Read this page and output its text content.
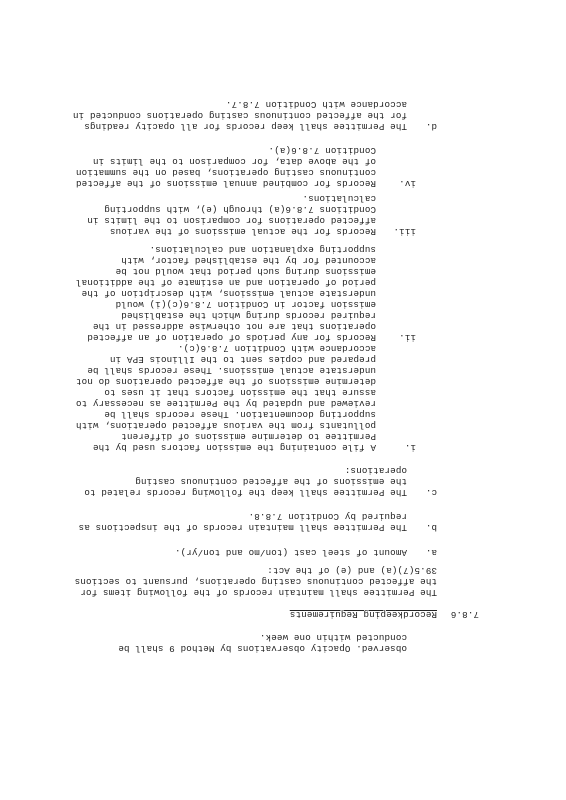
observed. Opacity observations by Method 9 shall be
conducted within one week.
7.8.6
Recordkeeping Requirements
The Permittee shall maintain records of the following items for
the affected continuous casting operations, pursuant to sections
39.5(7)(a) and (e) of the Act:
a.
Amount of steel cast (ton/mo and ton/yr).
b.
The Permittee shall maintain records of the inspections as
required by Condition 7.8.8.
c.
The Permittee shall keep the following records related to
the emissions of the affected continuous casting
operations:
i.
A file containing the emission factors used by the
Permittee to determine emissions of different
pollutants from the various affected operations, with
supporting documentation. These records shall be
reviewed and updated by the Permittee as necessary to
assure that the emission factors that it uses to
determine emissions of the affected operations do not
understate actual emissions. These records shall be
prepared and copies sent to the Illinois EPA in
accordance with Condition 7.8.6(c).
ii.
Records for any periods of operation of an affected
operations that are not otherwise addressed in the
required records during which the established
emission factor in Condition 7.8.6(c)(i) would
understate actual emissions, with description of the
period of operation and an estimate of the additional
emissions during such period that would not be
accounted for by the established factor, with
supporting explanation and calculations.
iii.
Records for the actual emissions of the various
affected operations for comparison to the limits in
Conditions 7.8.6(a) through (e), with supporting
calculations.
iv.
Records for combined annual emissions of the affected
continuous casting operations, based on the summation
of the above data, for comparison to the limits in
Condition 7.8.6(a).
d.
The Permittee shall keep records for all opacity readings
for the affected continuous casting operations conducted in
accordance with Condition 7.8.7.
